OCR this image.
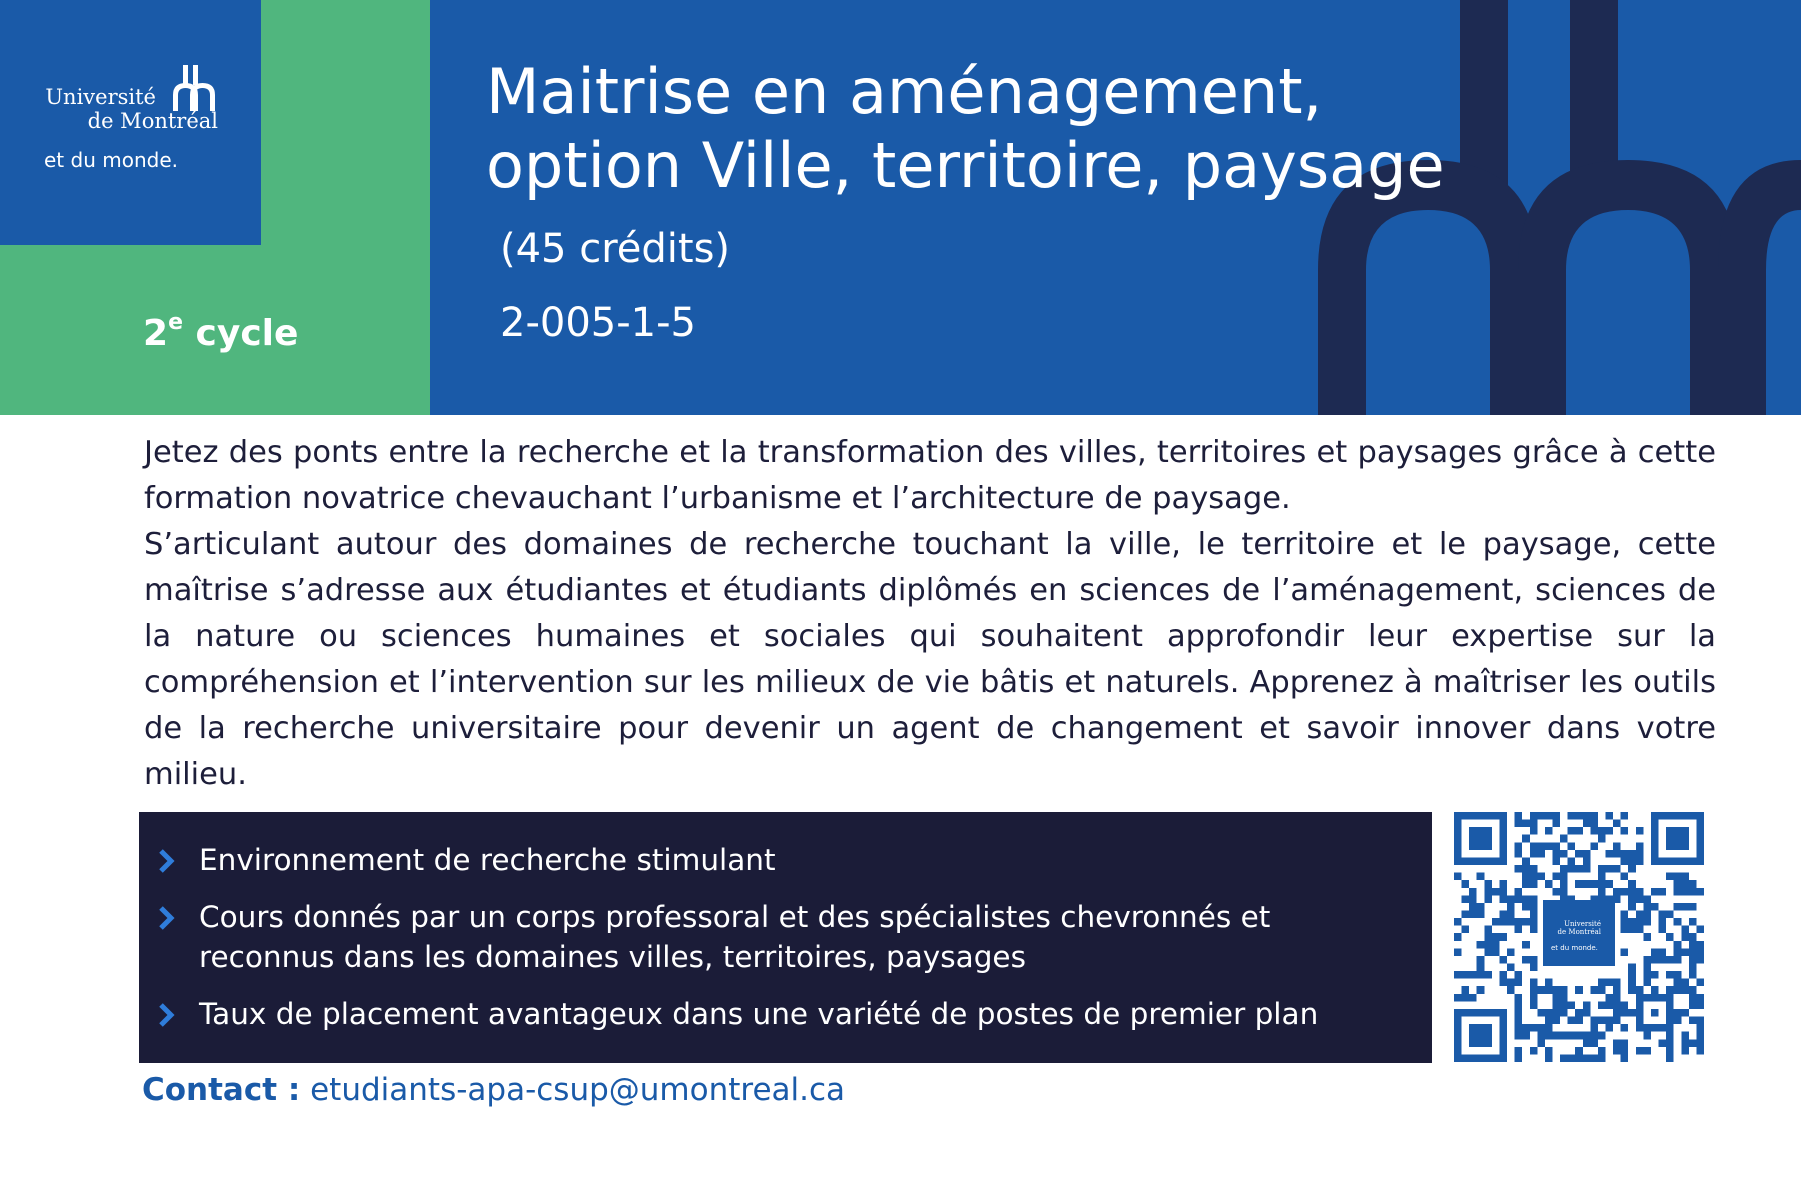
Université
de Montréal
et du monde.
2e cycle
Maitrise en aménagement,
option Ville, territoire, paysage
(45 crédits)
2-005-1-5

Jetez des ponts entre la recherche et la transformation des villes, territoires et paysages grâce à cette formation novatrice chevauchant l’urbanisme et l’architecture de paysage.

S’articulant autour des domaines de recherche touchant la ville, le territoire et le paysage, cette maîtrise s’adresse aux étudiantes et étudiants diplômés en sciences de l’aménagement, sciences de la nature ou sciences humaines et sociales qui souhaitent approfondir leur expertise sur la compréhension et l’intervention sur les milieux de vie bâtis et naturels. Apprenez à maîtriser les outils de la recherche universitaire pour devenir un agent de changement et savoir innover dans votre milieu.

Environnement de recherche stimulant
Cours donnés par un corps professoral et des spécialistes chevronnés et reconnus dans les domaines villes, territoires, paysages
Taux de placement avantageux dans une variété de postes de premier plan
Université
de Montréal
et du monde.
Contact : etudiants-apa-csup@umontreal.ca
